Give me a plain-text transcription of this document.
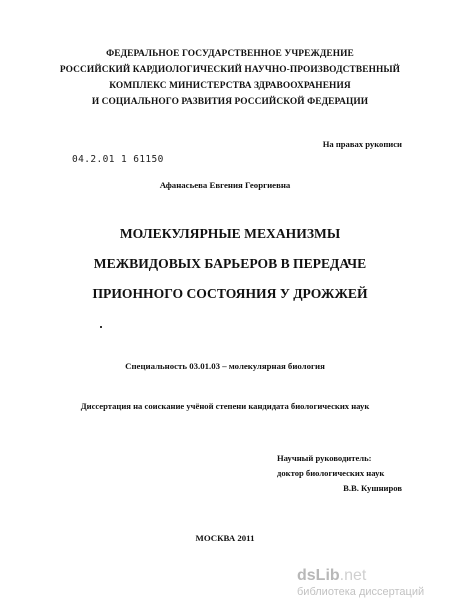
ФЕДЕРАЛЬНОЕ ГОСУДАРСТВЕННОЕ УЧРЕЖДЕНИЕ
РОССИЙСКИЙ КАРДИОЛОГИЧЕСКИЙ НАУЧНО-ПРОИЗВОДСТВЕННЫЙ
КОМПЛЕКС МИНИСТЕРСТВА ЗДРАВООХРАНЕНИЯ
И СОЦИАЛЬНОГО РАЗВИТИЯ РОССИЙСКОЙ ФЕДЕРАЦИИ
На правах рукописи
04.2.01 1 61150
Афанасьева Евгения Георгиевна
МОЛЕКУЛЯРНЫЕ МЕХАНИЗМЫ
МЕЖВИДОВЫХ БАРЬЕРОВ В ПЕРЕДАЧЕ
ПРИОННОГО СОСТОЯНИЯ У ДРОЖЖЕЙ
Специальность 03.01.03 – молекулярная биология
Диссертация на соискание учёной степени кандидата биологических наук
Научный руководитель:
доктор биологических наук
В.В. Кушниров
МОСКВА 2011
dsLib.net
библиотека диссертаций
